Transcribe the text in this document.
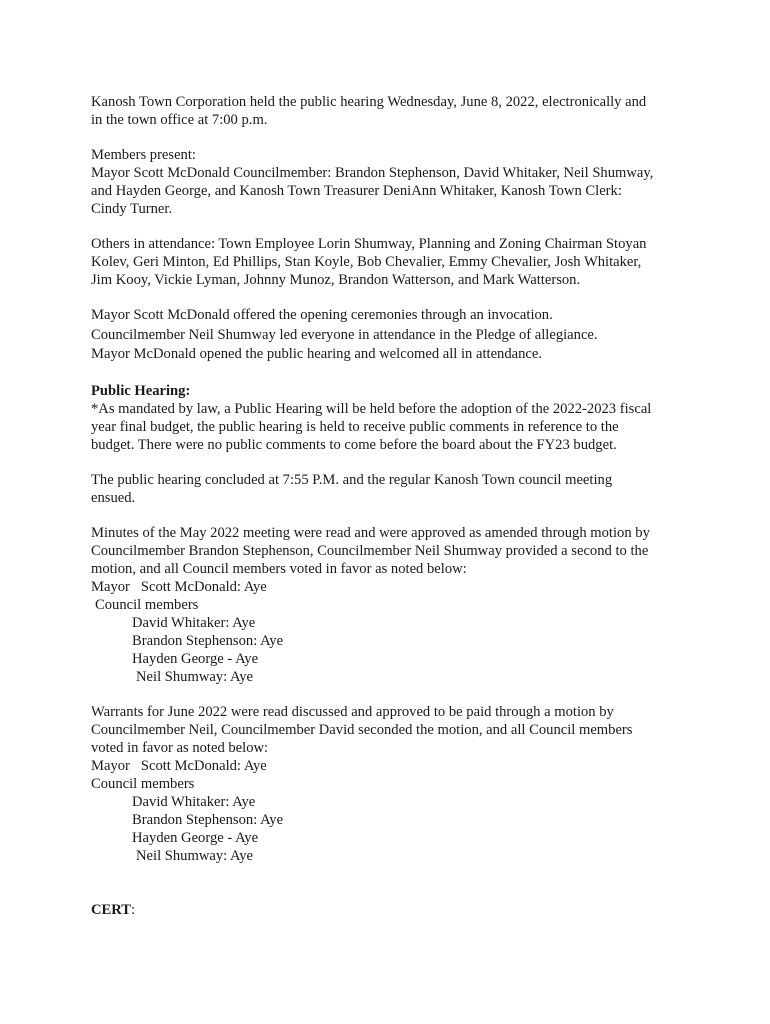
Kanosh Town Corporation held the public hearing Wednesday, June 8, 2022, electronically and
in the town office at 7:00 p.m.
Members present:
Mayor Scott McDonald Councilmember: Brandon Stephenson, David Whitaker, Neil Shumway,
and Hayden George, and Kanosh Town Treasurer DeniAnn Whitaker, Kanosh Town Clerk:
Cindy Turner.
Others in attendance: Town Employee Lorin Shumway, Planning and Zoning Chairman Stoyan
Kolev, Geri Minton, Ed Phillips, Stan Koyle, Bob Chevalier, Emmy Chevalier, Josh Whitaker,
Jim Kooy, Vickie Lyman, Johnny Munoz, Brandon Watterson, and Mark Watterson.
Mayor Scott McDonald offered the opening ceremonies through an invocation.
Councilmember Neil Shumway led everyone in attendance in the Pledge of allegiance.
Mayor McDonald opened the public hearing and welcomed all in attendance.
Public Hearing:
*As mandated by law, a Public Hearing will be held before the adoption of the 2022-2023 fiscal
year final budget, the public hearing is held to receive public comments in reference to the
budget. There were no public comments to come before the board about the FY23 budget.
The public hearing concluded at 7:55 P.M. and the regular Kanosh Town council meeting
ensued.
Minutes of the May 2022 meeting were read and were approved as amended through motion by
Councilmember Brandon Stephenson, Councilmember Neil Shumway provided a second to the
motion, and all Council members voted in favor as noted below:
Mayor   Scott McDonald: Aye
Council members
David Whitaker: Aye
Brandon Stephenson: Aye
Hayden George - Aye
Neil Shumway: Aye
Warrants for June 2022 were read discussed and approved to be paid through a motion by
Councilmember Neil, Councilmember David seconded the motion, and all Council members
voted in favor as noted below:
Mayor   Scott McDonald: Aye
Council members
David Whitaker: Aye
Brandon Stephenson: Aye
Hayden George - Aye
Neil Shumway: Aye
CERT:
